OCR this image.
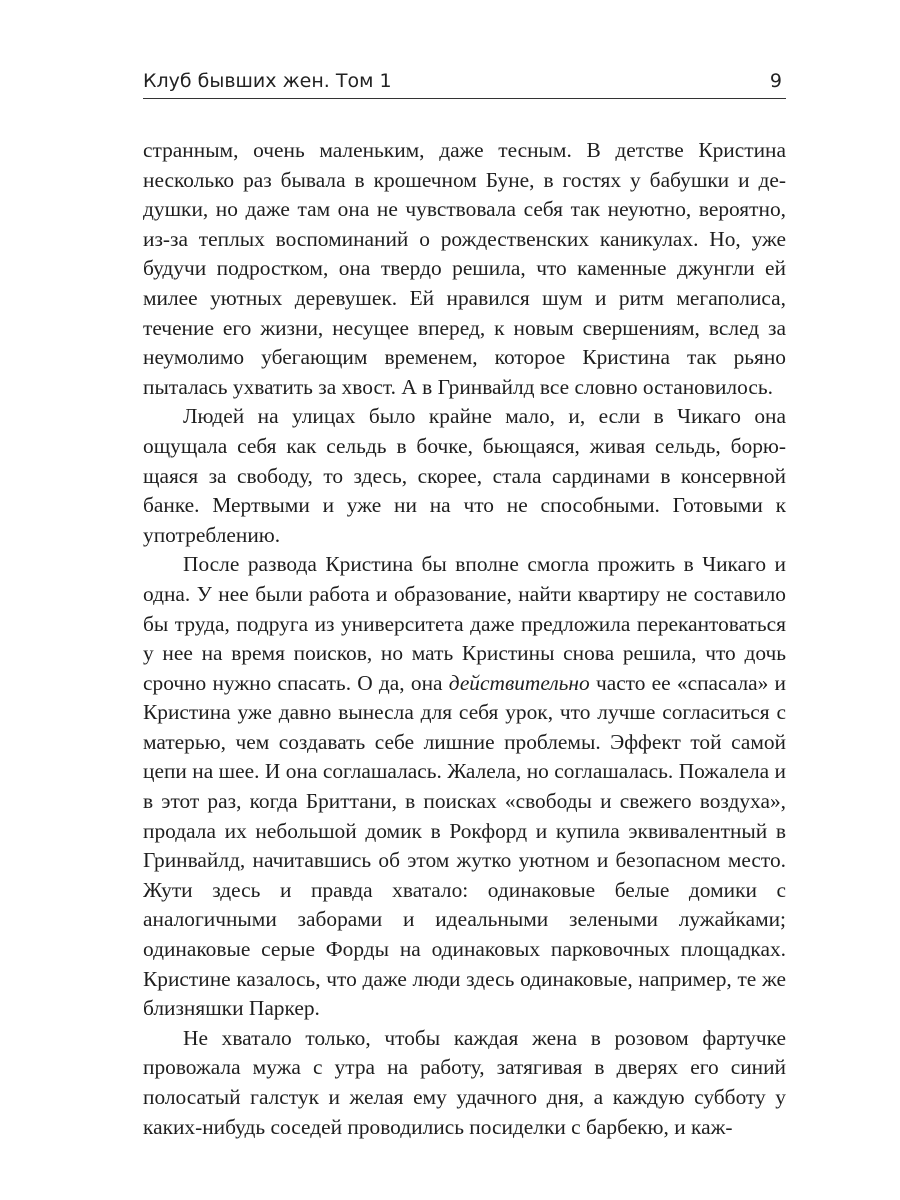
Клуб бывших жен. Том 1	9

странным, очень маленьким, даже тесным. В детстве Кристина несколько раз бывала в крошечном Буне, в гостях у бабушки и дедушки, но даже там она не чувствовала себя так неуютно, вероятно, из-за теплых воспоминаний о рождественских каникулах. Но, уже будучи подростком, она твердо решила, что каменные джунгли ей милее уютных деревушек. Ей нравился шум и ритм мегаполиса, течение его жизни, несущее вперед, к новым свершениям, вслед за неумолимо убегающим временем, которое Кристина так рьяно пыталась ухватить за хвост. А в Гринвайлд все словно остановилось.

Людей на улицах было крайне мало, и, если в Чикаго она ощущала себя как сельдь в бочке, бьющаяся, живая сельдь, борющаяся за свободу, то здесь, скорее, стала сардинами в консервной банке. Мертвыми и уже ни на что не способными. Готовыми к употреблению.

После развода Кристина бы вполне смогла прожить в Чикаго и одна. У нее были работа и образование, найти квартиру не составило бы труда, подруга из университета даже предложила перекантоваться у нее на время поисков, но мать Кристины снова решила, что дочь срочно нужно спасать. О да, она действительно часто ее «спасала» и Кристина уже давно вынесла для себя урок, что лучше согласиться с матерью, чем создавать себе лишние проблемы. Эффект той самой цепи на шее. И она соглашалась. Жалела, но соглашалась. Пожалела и в этот раз, когда Бриттани, в поисках «свободы и свежего воздуха», продала их небольшой домик в Рокфорд и купила эквивалентный в Гринвайлд, начитавшись об этом жутко уютном и безопасном место. Жути здесь и правда хватало: одинаковые белые домики с аналогичными заборами и идеальными зелеными лужайками; одинаковые серые Форды на одинаковых парковочных площадках. Кристине казалось, что даже люди здесь одинаковые, например, те же близняшки Паркер.

Не хватало только, чтобы каждая жена в розовом фартучке провожала мужа с утра на работу, затягивая в дверях его синий полосатый галстук и желая ему удачного дня, а каждую субботу у каких-нибудь соседей проводились посиделки с барбекю, и каж-
